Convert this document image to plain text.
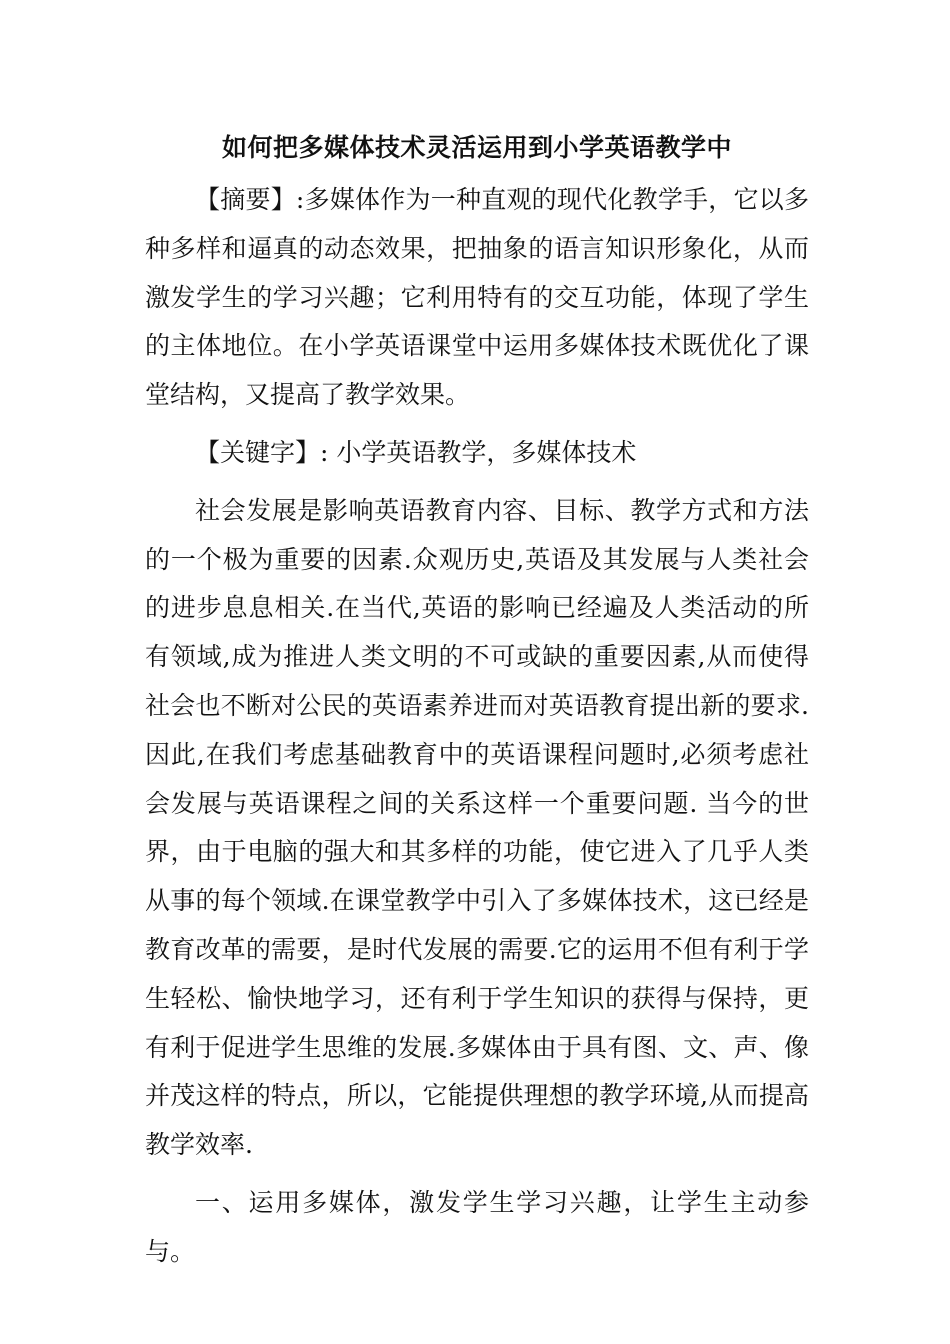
如何把多媒体技术灵活运用到小学英语教学中

【摘要】:多媒体作为一种直观的现代化教学手，它以多种多样和逼真的动态效果，把抽象的语言知识形象化，从而激发学生的学习兴趣；它利用特有的交互功能，体现了学生的主体地位。在小学英语课堂中运用多媒体技术既优化了课堂结构，又提高了教学效果。

【关键字】: 小学英语教学，多媒体技术

社会发展是影响英语教育内容、目标、教学方式和方法的一个极为重要的因素.众观历史,英语及其发展与人类社会的进步息息相关.在当代,英语的影响已经遍及人类活动的所有领域,成为推进人类文明的不可或缺的重要因素,从而使得社会也不断对公民的英语素养进而对英语教育提出新的要求.因此,在我们考虑基础教育中的英语课程问题时,必须考虑社会发展与英语课程之间的关系这样一个重要问题. 当今的世界，由于电脑的强大和其多样的功能，使它进入了几乎人类从事的每个领域.在课堂教学中引入了多媒体技术，这已经是教育改革的需要，是时代发展的需要.它的运用不但有利于学生轻松、愉快地学习，还有利于学生知识的获得与保持，更有利于促进学生思维的发展.多媒体由于具有图、文、声、像并茂这样的特点，所以，它能提供理想的教学环境,从而提高教学效率.

一、运用多媒体，激发学生学习兴趣，让学生主动参与。
